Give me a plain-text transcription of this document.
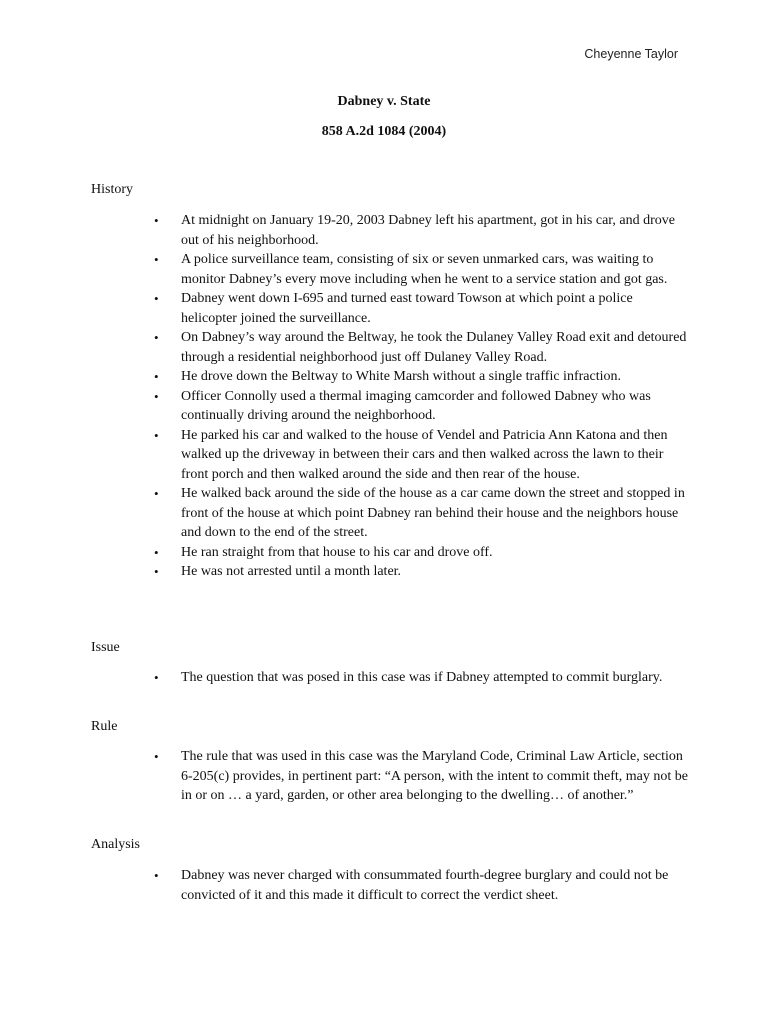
Cheyenne Taylor
Dabney v. State
858 A.2d 1084 (2004)

History

• At midnight on January 19-20, 2003 Dabney left his apartment, got in his car, and drove out of his neighborhood.
• A police surveillance team, consisting of six or seven unmarked cars, was waiting to monitor Dabney’s every move including when he went to a service station and got gas.
• Dabney went down I-695 and turned east toward Towson at which point a police helicopter joined the surveillance.
• On Dabney’s way around the Beltway, he took the Dulaney Valley Road exit and detoured through a residential neighborhood just off Dulaney Valley Road.
• He drove down the Beltway to White Marsh without a single traffic infraction.
• Officer Connolly used a thermal imaging camcorder and followed Dabney who was continually driving around the neighborhood.
• He parked his car and walked to the house of Vendel and Patricia Ann Katona and then walked up the driveway in between their cars and then walked across the lawn to their front porch and then walked around the side and then rear of the house.
• He walked back around the side of the house as a car came down the street and stopped in front of the house at which point Dabney ran behind their house and the neighbors house and down to the end of the street.
• He ran straight from that house to his car and drove off.
• He was not arrested until a month later.

Issue

• The question that was posed in this case was if Dabney attempted to commit burglary.

Rule

• The rule that was used in this case was the Maryland Code, Criminal Law Article, section 6-205(c) provides, in pertinent part: “A person, with the intent to commit theft, may not be in or on … a yard, garden, or other area belonging to the dwelling… of another.”

Analysis

• Dabney was never charged with consummated fourth-degree burglary and could not be convicted of it and this made it difficult to correct the verdict sheet.
